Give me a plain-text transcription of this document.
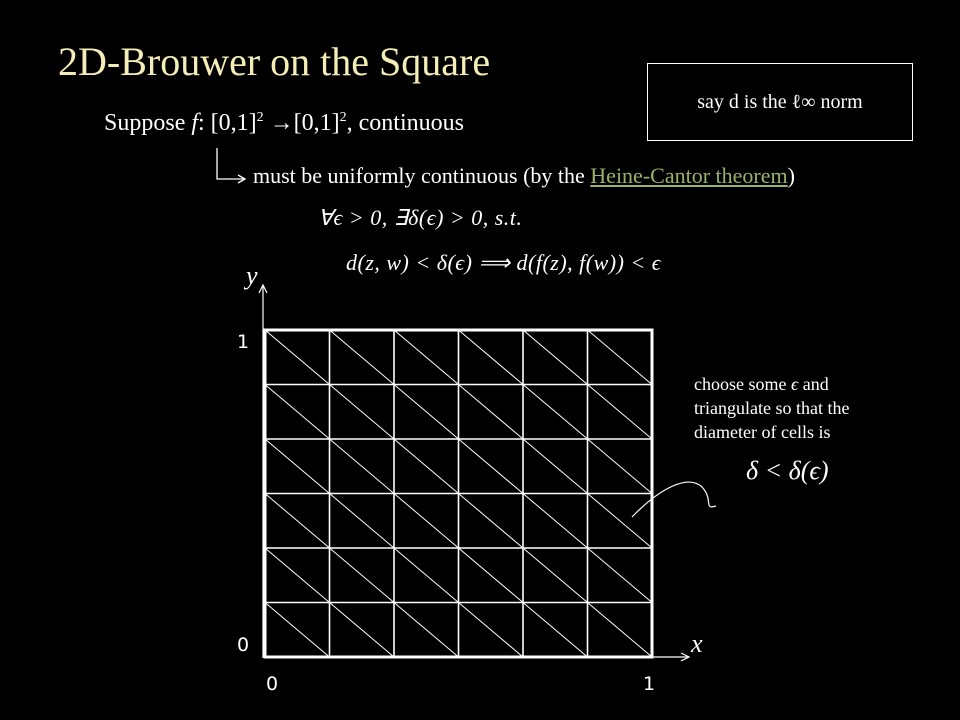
2D-Brouwer on the Square
Suppose f: $[0,1]^2 \to[0,1]^2$, continuous
must be uniformly continuous (by the Heine-Cantor theorem)
say d is the ℓ∞ norm
∀ϵ > 0, ∃δ(ϵ) > 0, s.t.
d(z, w) < δ(ϵ) ⟹ d(f(z), f(w)) < ϵ
choose some ϵ and
triangulate so that the
diameter of cells is
δ < δ(ϵ)
y
x
1
0
0	1
